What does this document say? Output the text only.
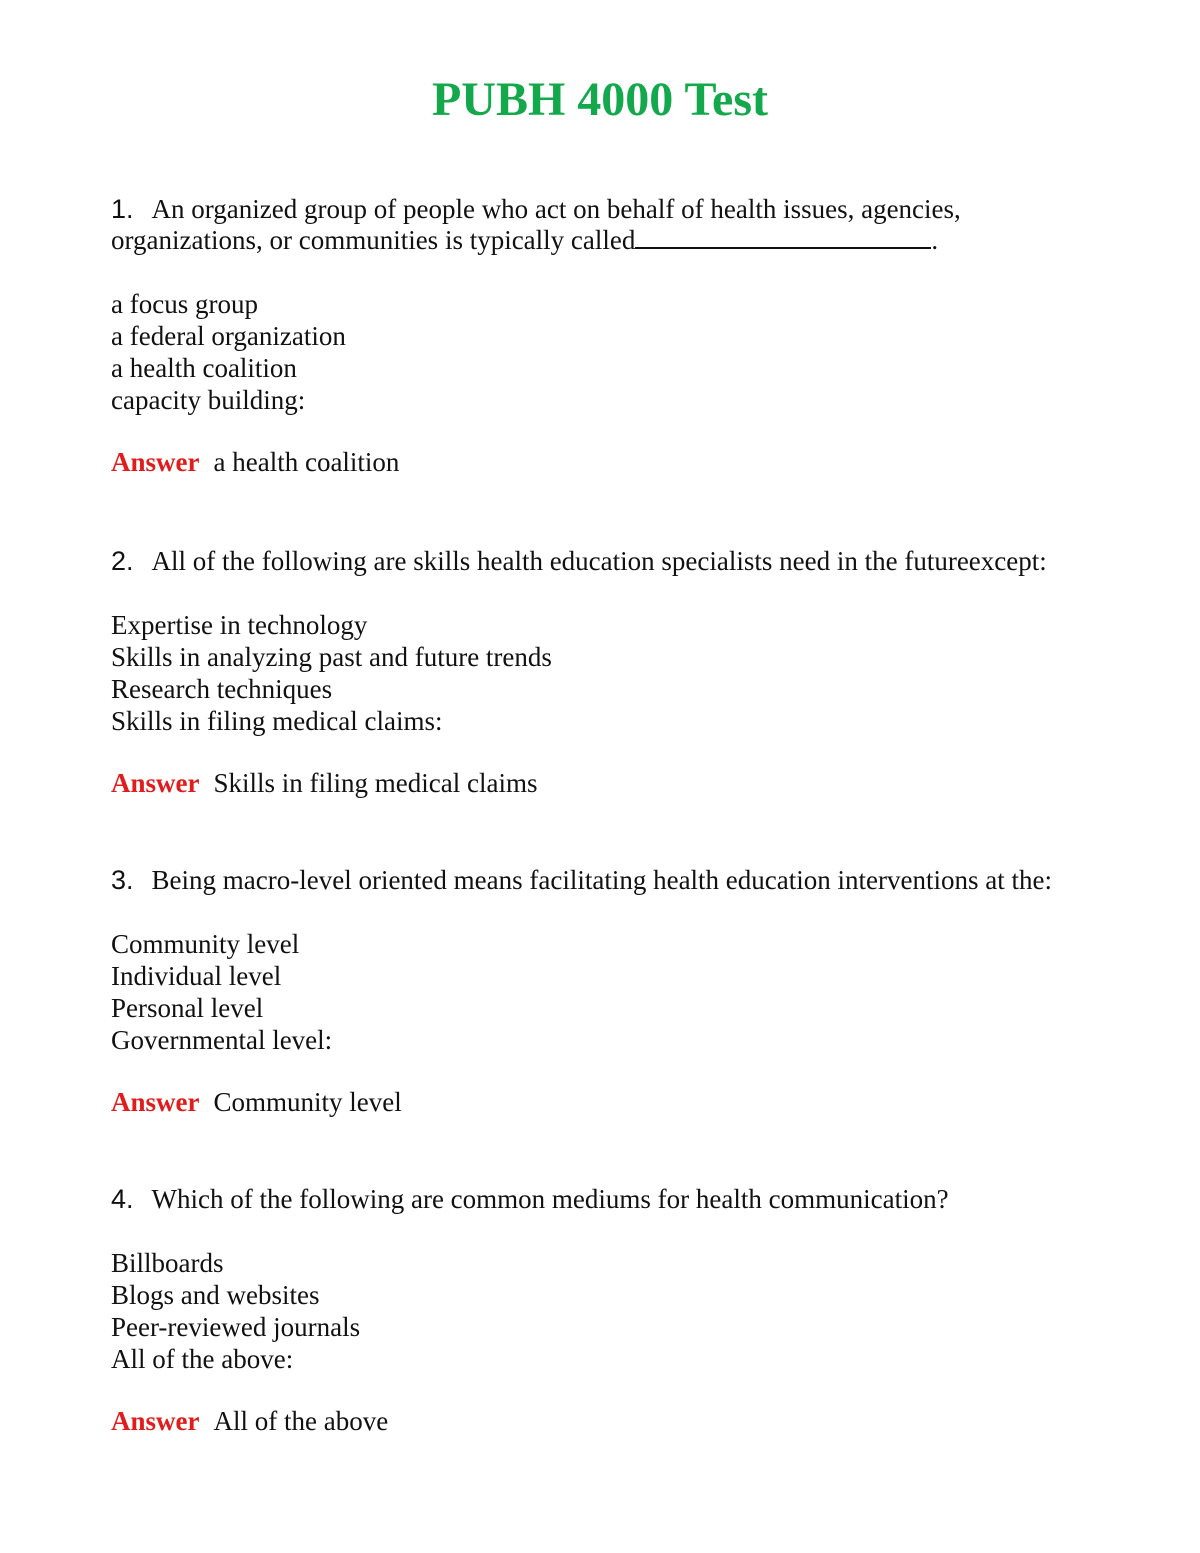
PUBH 4000 Test

1. An organized group of people who act on behalf of health issues, agencies, organizations, or communities is typically called	.

a focus group
a federal organization
a health coalition
capacity building:
Answer a health coalition

2. All of the following are skills health education specialists need in the futureexcept:

Expertise in technology
Skills in analyzing past and future trends
Research techniques
Skills in filing medical claims:
Answer Skills in filing medical claims

3. Being macro-level oriented means facilitating health education interventions at the:

Community level
Individual level
Personal level
Governmental level:
Answer Community level

4. Which of the following are common mediums for health communication?

Billboards
Blogs and websites
Peer-reviewed journals
All of the above:
Answer All of the above
